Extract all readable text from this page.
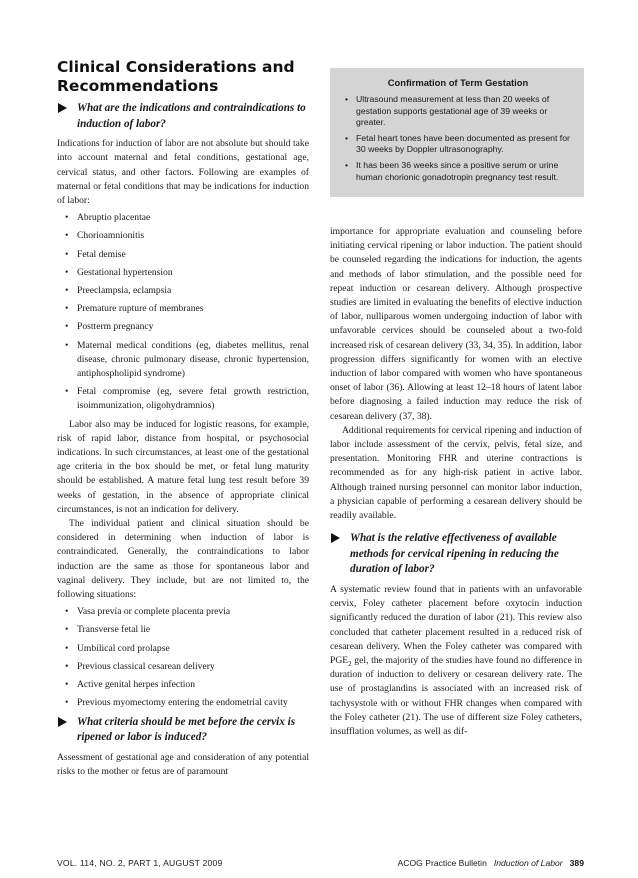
Clinical Considerations and Recommendations

What are the indications and contraindications to induction of labor?

Indications for induction of labor are not absolute but should take into account maternal and fetal conditions, gestational age, cervical status, and other factors. Following are examples of maternal or fetal conditions that may be indications for induction of labor:

• Abruptio placentae
• Chorioamnionitis
• Fetal demise
• Gestational hypertension
• Preeclampsia, eclampsia
• Premature rupture of membranes
• Postterm pregnancy
• Maternal medical conditions (eg, diabetes mellitus, renal disease, chronic pulmonary disease, chronic hypertension, antiphospholipid syndrome)
• Fetal compromise (eg, severe fetal growth restriction, isoimmunization, oligohydramnios)

Labor also may be induced for logistic reasons, for example, risk of rapid labor, distance from hospital, or psychosocial indications. In such circumstances, at least one of the gestational age criteria in the box should be met, or fetal lung maturity should be established. A mature fetal lung test result before 39 weeks of gestation, in the absence of appropriate clinical circumstances, is not an indication for delivery.

The individual patient and clinical situation should be considered in determining when induction of labor is contraindicated. Generally, the contraindications to labor induction are the same as those for spontaneous labor and vaginal delivery. They include, but are not limited to, the following situations:

• Vasa previa or complete placenta previa
• Transverse fetal lie
• Umbilical cord prolapse
• Previous classical cesarean delivery
• Active genital herpes infection
• Previous myomectomy entering the endometrial cavity

What criteria should be met before the cervix is ripened or labor is induced?

Assessment of gestational age and consideration of any potential risks to the mother or fetus are of paramount

Confirmation of Term Gestation

• Ultrasound measurement at less than 20 weeks of gestation supports gestational age of 39 weeks or greater.
• Fetal heart tones have been documented as present for 30 weeks by Doppler ultrasonography.
• It has been 36 weeks since a positive serum or urine human chorionic gonadotropin pregnancy test result.

importance for appropriate evaluation and counseling before initiating cervical ripening or labor induction. The patient should be counseled regarding the indications for induction, the agents and methods of labor stimulation, and the possible need for repeat induction or cesarean delivery. Although prospective studies are limited in evaluating the benefits of elective induction of labor, nulliparous women undergoing induction of labor with unfavorable cervices should be counseled about a two-fold increased risk of cesarean delivery (33, 34, 35). In addition, labor progression differs significantly for women with an elective induction of labor compared with women who have spontaneous onset of labor (36). Allowing at least 12–18 hours of latent labor before diagnosing a failed induction may reduce the risk of cesarean delivery (37, 38).

Additional requirements for cervical ripening and induction of labor include assessment of the cervix, pelvis, fetal size, and presentation. Monitoring FHR and uterine contractions is recommended as for any high-risk patient in active labor. Although trained nursing personnel can monitor labor induction, a physician capable of performing a cesarean delivery should be readily available.

What is the relative effectiveness of available methods for cervical ripening in reducing the duration of labor?

A systematic review found that in patients with an unfavorable cervix, Foley catheter placement before oxytocin induction significantly reduced the duration of labor (21). This review also concluded that catheter placement resulted in a reduced risk of cesarean delivery. When the Foley catheter was compared with $PGE_2$ gel, the majority of the studies have found no difference in duration of induction to delivery or cesarean delivery rate. The use of prostaglandins is associated with an increased risk of tachysystole with or without FHR changes when compared with the Foley catheter (21). The use of different size Foley catheters, insufflation volumes, as well as dif-

VOL. 114, NO. 2, PART 1, AUGUST 2009	ACOG Practice Bulletin Induction of Labor 389
